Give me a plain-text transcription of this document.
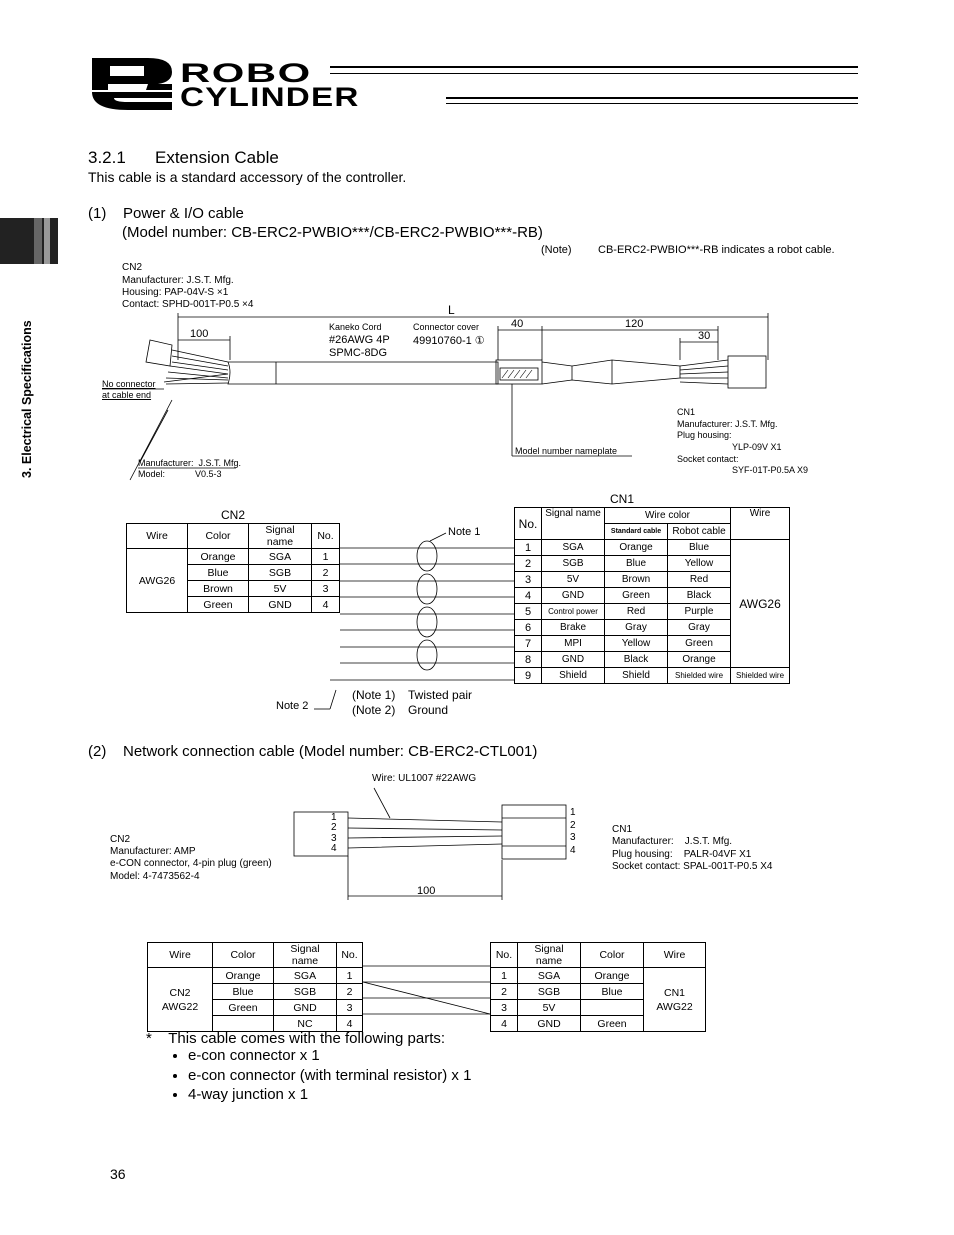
ROBO
CYLINDER
3. Electrical Specifications
3.2.1 Extension Cable
This cable is a standard accessory of the controller.
(1)    Power & I/O cable
(Model number: CB-ERC2-PWBIO***/CB-ERC2-PWBIO***-RB)
(Note) CB-ERC2-PWBIO***-RB indicates a robot cable.
CN2
Manufacturer: J.S.T. Mfg.
Housing: PAP-04V-S ×1
Contact: SPHD-001T-P0.5 ×4	L
100
40	120
30
Kaneko Cord
#26AWG 4P
SPMC-8DG
Connector cover
49910760-1 ①
No connector
at cable end
Model number nameplate
CN1
Manufacturer: J.S.T. Mfg.
Plug housing:
YLP-09V X1
Socket contact:
SYF-01T-P0.5A X9
Manufacturer:  J.S.T. Mfg.
Model:            V0.5-3
CN2
Wire	Color	Signal name	No.
AWG26	Orange	SGA	1
	Blue	SGB	2
	Brown	5V	3
	Green	GND	4
CN1
No.	Signal name	Wire color		Wire
		Standard cable	Robot cable	
1	SGA	Orange	Blue	AWG26
2	SGB	Blue	Yellow	
3	5V	Brown	Red	
4	GND	Green	Black	
5	Control power	Red	Purple	
6	Brake	Gray	Gray	
7	MPI	Yellow	Green	
8	GND	Black	Orange	
9	Shield	Shield	Shielded wire	Shielded wire
Note 1
Note 2
(Note 1) Twisted pair
(Note 2) Ground
(2)    Network connection cable (Model number: CB-ERC2-CTL001)
Wire: UL1007 #22AWG
1
2
3
4
1
2
3
4
100
CN2
Manufacturer: AMP
e-CON connector, 4-pin plug (green)
Model: 4-7473562-4
CN1
Manufacturer:    J.S.T. Mfg.
Plug housing:    PALR-04VF X1
Socket contact: SPAL-001T-P0.5 X4
Wire	Color	Signal name	No.

CN2
AWG22	Orange	SGA	1
	Blue	SGB	2
	Green	GND	3
		NC	4
No.	Signal name	Color	Wire
1	SGA	Orange	CN1
AWG22

2	SGB	Blue	
3	5V		
4	GND	Green	
*    This cable comes with the following parts:
• e-con connector x 1
• e-con connector (with terminal resistor) x 1
• 4-way junction x 1
36
